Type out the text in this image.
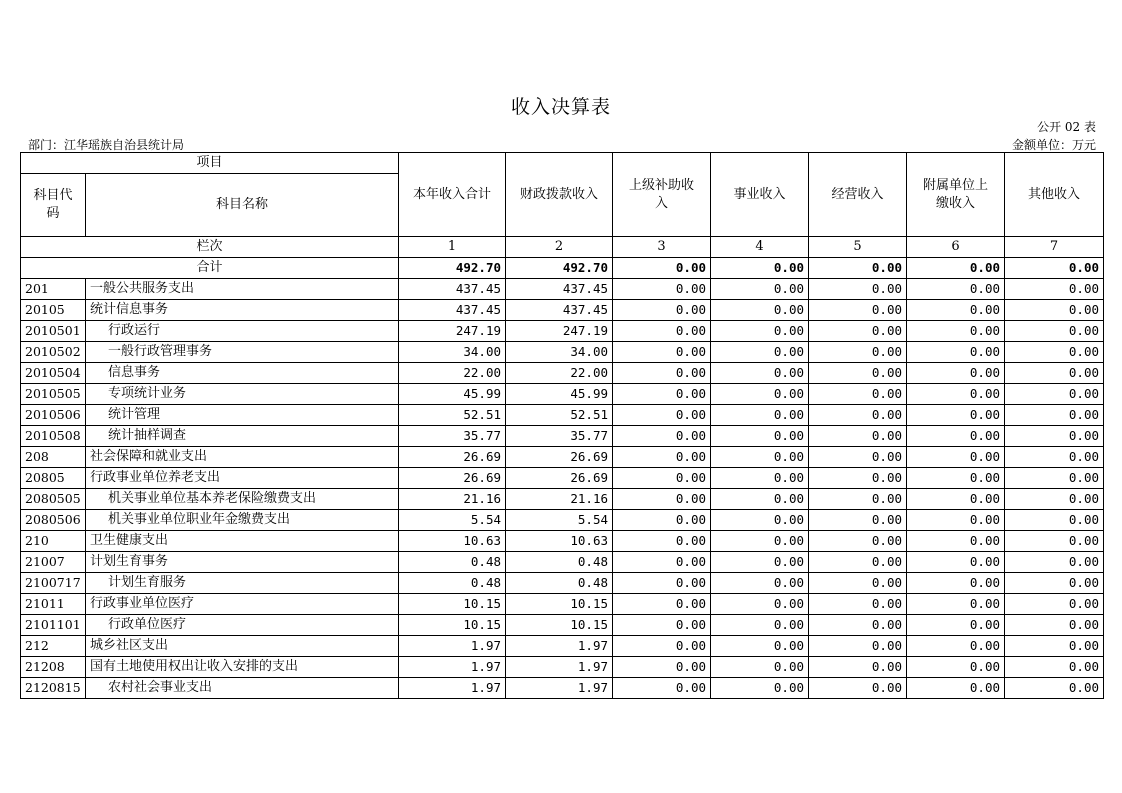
收入决算表
公开 02 表
部门：江华瑶族自治县统计局	金额单位：万元
项目		本年收入合计	财政拨款收入	上级补助收入	事业收入	经营收入	附属单位上缴收入	其他收入
科目代码	科目名称							
栏次		1	2	3	4	5	6	7
合计		492.70	492.70	0.00	0.00	0.00	0.00	0.00
201	一般公共服务支出	437.45	437.45	0.00	0.00	0.00	0.00	0.00
20105	统计信息事务	437.45	437.45	0.00	0.00	0.00	0.00	0.00
2010501	行政运行	247.19	247.19	0.00	0.00	0.00	0.00	0.00
2010502	一般行政管理事务	34.00	34.00	0.00	0.00	0.00	0.00	0.00
2010504	信息事务	22.00	22.00	0.00	0.00	0.00	0.00	0.00
2010505	专项统计业务	45.99	45.99	0.00	0.00	0.00	0.00	0.00
2010506	统计管理	52.51	52.51	0.00	0.00	0.00	0.00	0.00
2010508	统计抽样调查	35.77	35.77	0.00	0.00	0.00	0.00	0.00
208	社会保障和就业支出	26.69	26.69	0.00	0.00	0.00	0.00	0.00
20805	行政事业单位养老支出	26.69	26.69	0.00	0.00	0.00	0.00	0.00
2080505	机关事业单位基本养老保险缴费支出	21.16	21.16	0.00	0.00	0.00	0.00	0.00
2080506	机关事业单位职业年金缴费支出	5.54	5.54	0.00	0.00	0.00	0.00	0.00
210	卫生健康支出	10.63	10.63	0.00	0.00	0.00	0.00	0.00
21007	计划生育事务	0.48	0.48	0.00	0.00	0.00	0.00	0.00
2100717	计划生育服务	0.48	0.48	0.00	0.00	0.00	0.00	0.00
21011	行政事业单位医疗	10.15	10.15	0.00	0.00	0.00	0.00	0.00
2101101	行政单位医疗	10.15	10.15	0.00	0.00	0.00	0.00	0.00
212	城乡社区支出	1.97	1.97	0.00	0.00	0.00	0.00	0.00
21208	国有土地使用权出让收入安排的支出	1.97	1.97	0.00	0.00	0.00	0.00	0.00
2120815	农村社会事业支出	1.97	1.97	0.00	0.00	0.00	0.00	0.00
